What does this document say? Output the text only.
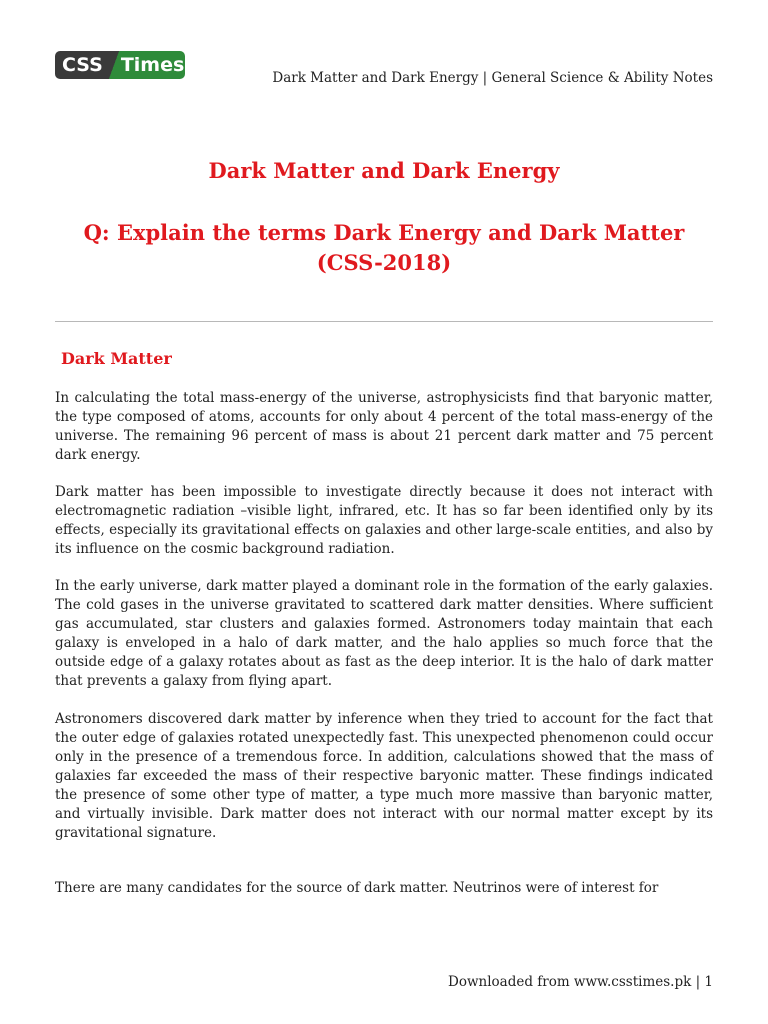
CSS Times
Dark Matter and Dark Energy | General Science & Ability Notes
Dark Matter and Dark Energy
Q: Explain the terms Dark Energy and Dark Matter (CSS-2018)
Dark Matter

In calculating the total mass-energy of the universe, astrophysicists find that baryonic matter, the type composed of atoms, accounts for only about 4 percent of the total mass-energy of the universe. The remaining 96 percent of mass is about 21 percent dark matter and 75 percent dark energy.

Dark matter has been impossible to investigate directly because it does not interact with electromagnetic radiation –visible light, infrared, etc. It has so far been identified only by its effects, especially its gravitational effects on galaxies and other large-scale entities, and also by its influence on the cosmic background radiation.

In the early universe, dark matter played a dominant role in the formation of the early galaxies. The cold gases in the universe gravitated to scattered dark matter densities. Where sufficient gas accumulated, star clusters and galaxies formed. Astronomers today maintain that each galaxy is enveloped in a halo of dark matter, and the halo applies so much force that the outside edge of a galaxy rotates about as fast as the deep interior. It is the halo of dark matter that prevents a galaxy from flying apart.

Astronomers discovered dark matter by inference when they tried to account for the fact that the outer edge of galaxies rotated unexpectedly fast. This unexpected phenomenon could occur only in the presence of a tremendous force. In addition, calculations showed that the mass of galaxies far exceeded the mass of their respective baryonic matter. These findings indicated the presence of some other type of matter, a type much more massive than baryonic matter, and virtually invisible. Dark matter does not interact with our normal matter except by its gravitational signature.

There are many candidates for the source of dark matter. Neutrinos were of interest for

Downloaded from www.csstimes.pk | 1
